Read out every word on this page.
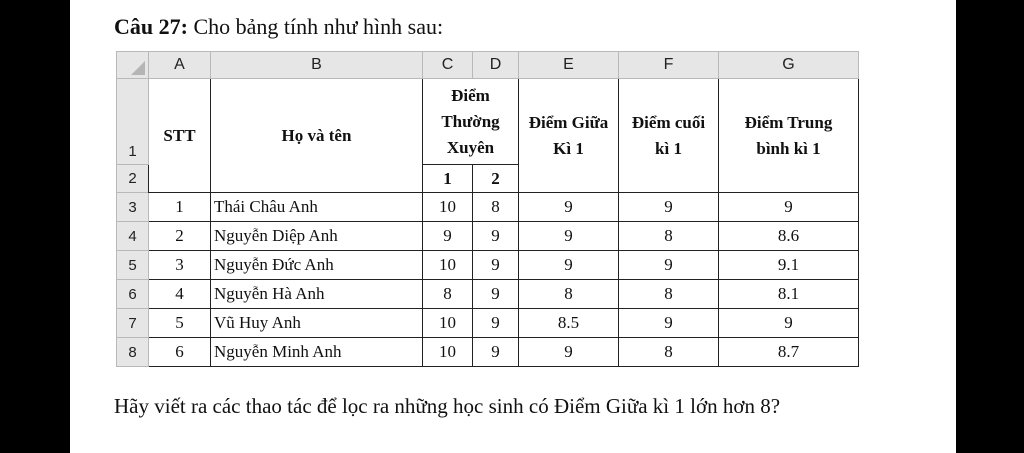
Câu 27: Cho bảng tính như hình sau:
	A	B	C	D	E	F	G
1	STT	Họ và tên	Điểm Thường Xuyên		Điểm Giữa Kì 1	Điểm cuối kì 1	Điểm Trung bình kì 1
2			1	2			
3	1	Thái Châu Anh	10	8	9	9	9
4	2	Nguyễn Diệp Anh	9	9	9	8	8.6
5	3	Nguyễn Đức Anh	10	9	9	9	9.1
6	4	Nguyễn Hà Anh	8	9	8	8	8.1
7	5	Vũ Huy Anh	10	9	8.5	9	9
8	6	Nguyễn Minh Anh	10	9	9	8	8.7
Hãy viết ra các thao tác để lọc ra những học sinh có Điểm Giữa kì 1 lớn hơn 8?
